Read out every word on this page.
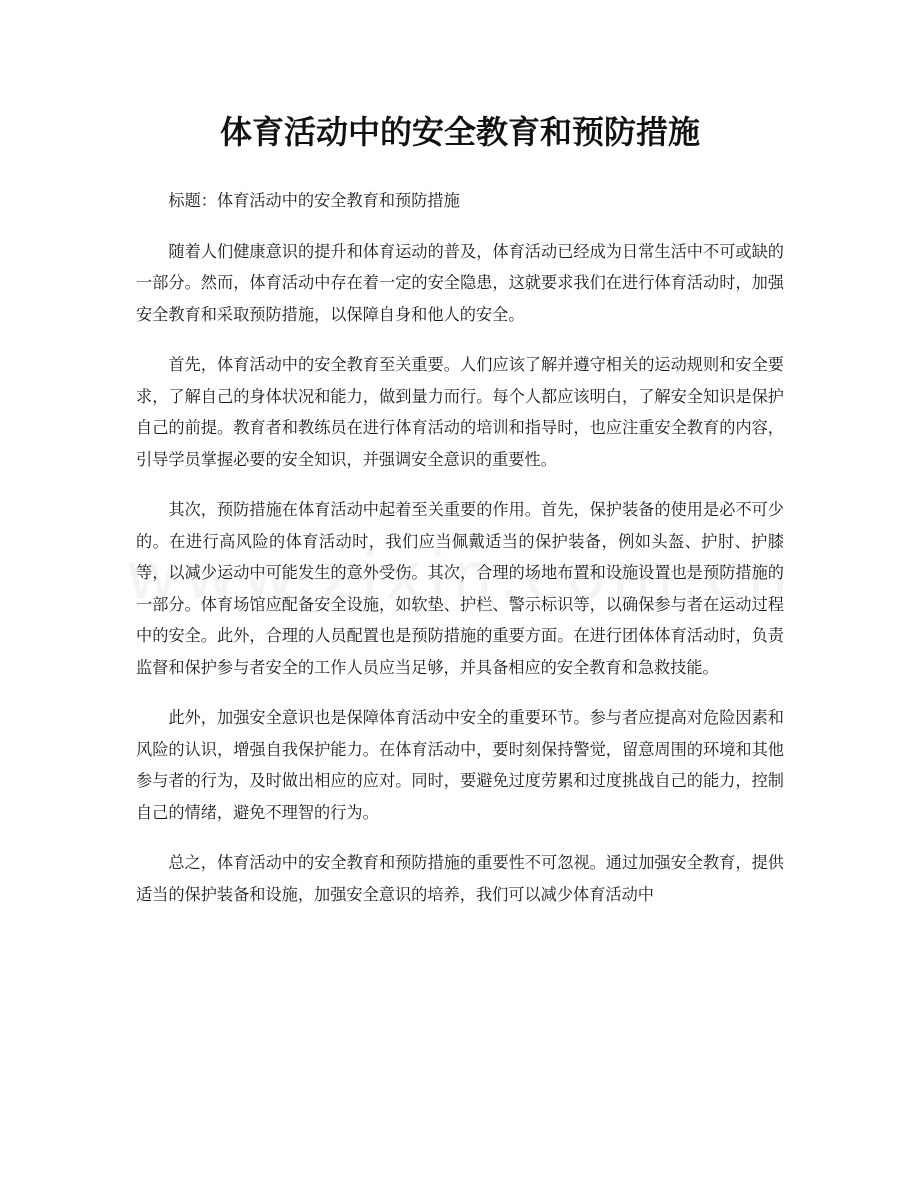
体育活动中的安全教育和预防措施

标题：体育活动中的安全教育和预防措施

随着人们健康意识的提升和体育运动的普及，体育活动已经成为日常生活中不可或缺的一部分。然而，体育活动中存在着一定的安全隐患，这就要求我们在进行体育活动时，加强安全教育和采取预防措施，以保障自身和他人的安全。

首先，体育活动中的安全教育至关重要。人们应该了解并遵守相关的运动规则和安全要求，了解自己的身体状况和能力，做到量力而行。每个人都应该明白，了解安全知识是保护自己的前提。教育者和教练员在进行体育活动的培训和指导时，也应注重安全教育的内容，引导学员掌握必要的安全知识，并强调安全意识的重要性。

其次，预防措施在体育活动中起着至关重要的作用。首先，保护装备的使用是必不可少的。在进行高风险的体育活动时，我们应当佩戴适当的保护装备，例如头盔、护肘、护膝等，以减少运动中可能发生的意外受伤。其次，合理的场地布置和设施设置也是预防措施的一部分。体育场馆应配备安全设施，如软垫、护栏、警示标识等，以确保参与者在运动过程中的安全。此外，合理的人员配置也是预防措施的重要方面。在进行团体体育活动时，负责监督和保护参与者安全的工作人员应当足够，并具备相应的安全教育和急救技能。

此外，加强安全意识也是保障体育活动中安全的重要环节。参与者应提高对危险因素和风险的认识，增强自我保护能力。在体育活动中，要时刻保持警觉，留意周围的环境和其他参与者的行为，及时做出相应的应对。同时，要避免过度劳累和过度挑战自己的能力，控制自己的情绪，避免不理智的行为。

总之，体育活动中的安全教育和预防措施的重要性不可忽视。通过加强安全教育，提供适当的保护装备和设施，加强安全意识的培养，我们可以减少体育活动中
